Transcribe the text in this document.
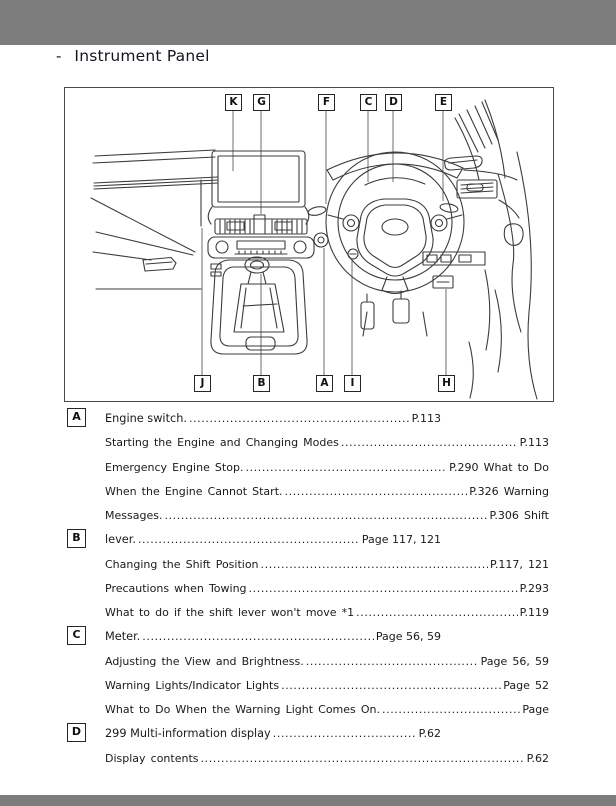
- Instrument Panel
K	G	F	C	D	E
J	B	A	I	H
A	Engine switch. .....	P.113
Starting the Engine and Changing Modes .....	P.113
Emergency Engine Stop. .....	P.290 What to Do
When the Engine Cannot Start. .....	P.326 Warning
Messages. .....	P.306 Shift
B	lever. .....	Page 117, 121
Changing the Shift Position .....	P.117, 121
Precautions when Towing .....	P.293
What to do if the shift lever won't move *1 .....	P.119
C	Meter. .....	Page 56, 59
Adjusting the View and Brightness. .....	Page 56, 59
Warning Lights/Indicator Lights .....	Page 52
What to Do When the Warning Light Comes On. .....	Page
D	299 Multi-information display .....	P.62
Display contents .....	P.62
